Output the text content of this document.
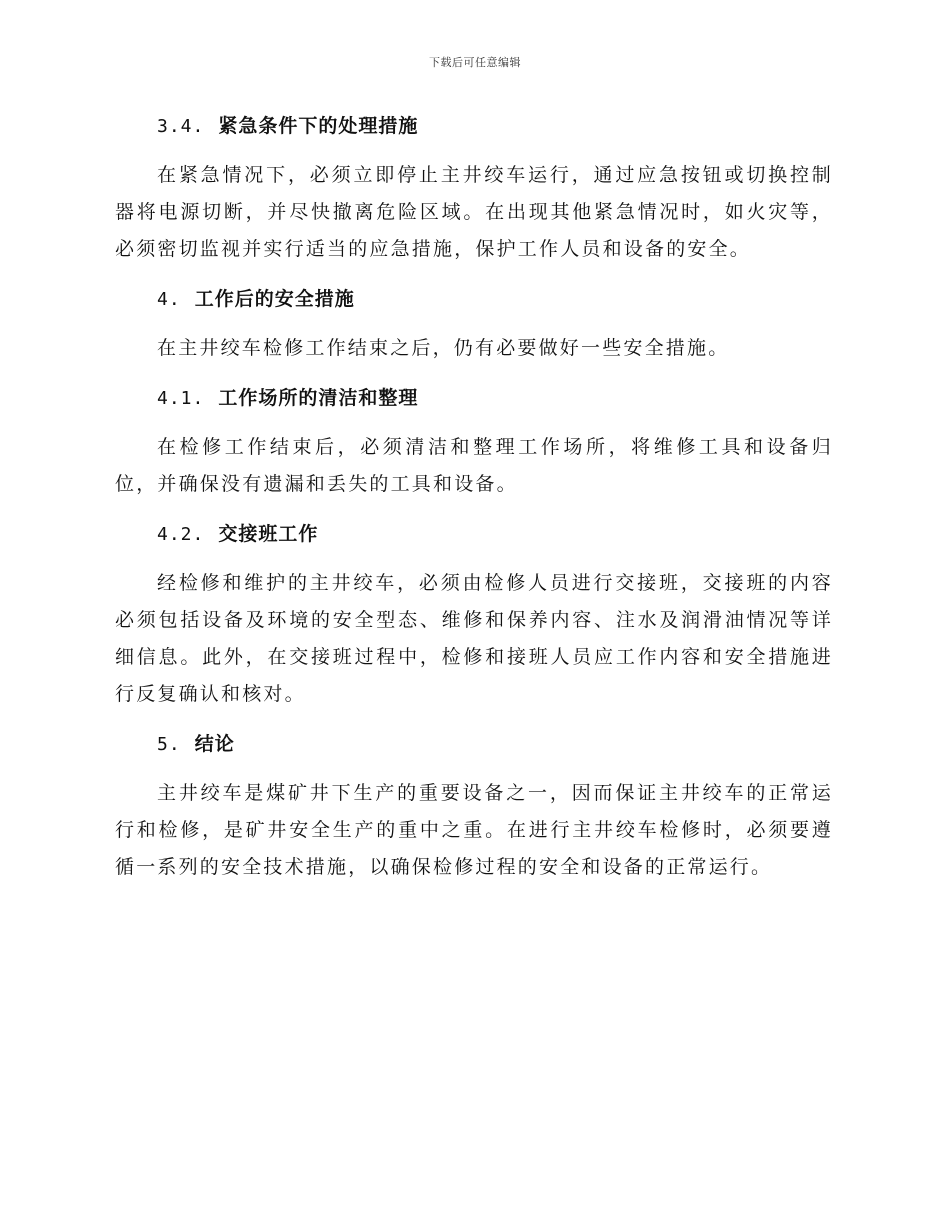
下载后可任意编辑
3.4. 紧急条件下的处理措施

在紧急情况下，必须立即停止主井绞车运行，通过应急按钮或切换控制器将电源切断，并尽快撤离危险区域。在出现其他紧急情况时，如火灾等，必须密切监视并实行适当的应急措施，保护工作人员和设备的安全。

4. 工作后的安全措施

在主井绞车检修工作结束之后，仍有必要做好一些安全措施。

4.1. 工作场所的清洁和整理

在检修工作结束后，必须清洁和整理工作场所，将维修工具和设备归位，并确保没有遗漏和丢失的工具和设备。

4.2. 交接班工作

经检修和维护的主井绞车，必须由检修人员进行交接班，交接班的内容必须包括设备及环境的安全型态、维修和保养内容、注水及润滑油情况等详细信息。此外，在交接班过程中，检修和接班人员应工作内容和安全措施进行反复确认和核对。

5. 结论

主井绞车是煤矿井下生产的重要设备之一，因而保证主井绞车的正常运行和检修，是矿井安全生产的重中之重。在进行主井绞车检修时，必须要遵循一系列的安全技术措施，以确保检修过程的安全和设备的正常运行。
